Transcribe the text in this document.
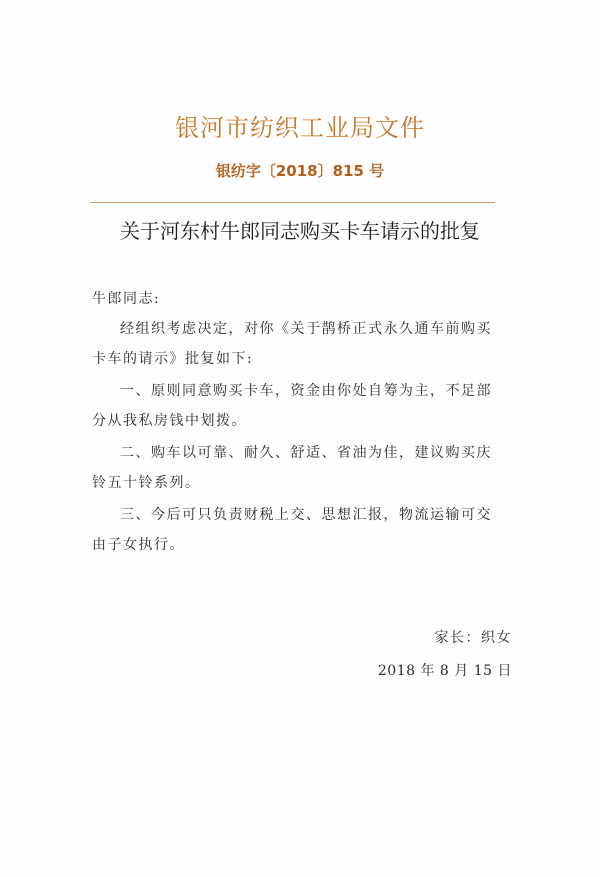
银河市纺织工业局文件
银纺字〔2018〕815 号
关于河东村牛郎同志购买卡车请示的批复
牛郎同志:
经组织考虑决定，对你《关于鹊桥正式永久通车前购买
卡车的请示》批复如下:
一、原则同意购买卡车，资金由你处自筹为主，不足部
分从我私房钱中划拨。
二、购车以可靠、耐久、舒适、省油为佳，建议购买庆
铃五十铃系列。
三、今后可只负责财税上交、思想汇报，物流运输可交
由子女执行。
家长：织女
2018 年 8 月 15 日
